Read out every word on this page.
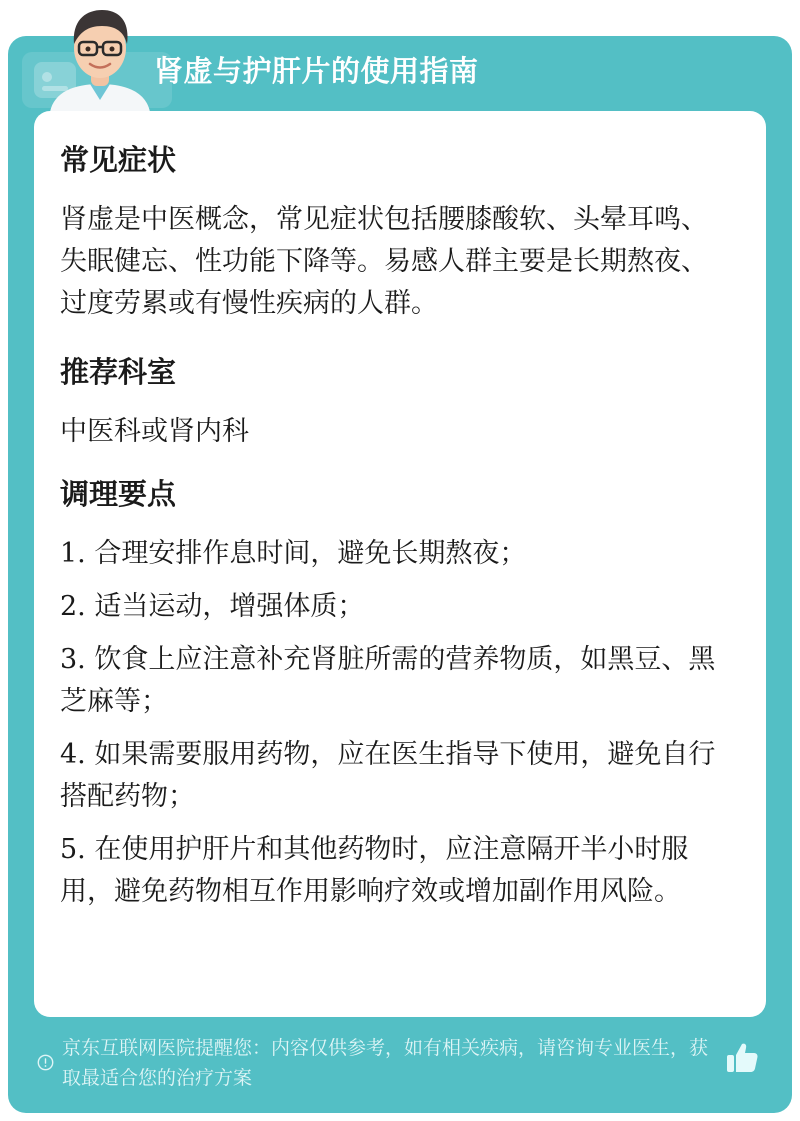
肾虚与护肝片的使用指南
常见症状

肾虚是中医概念，常见症状包括腰膝酸软、头晕耳鸣、失眠健忘、性功能下降等。易感人群主要是长期熬夜、过度劳累或有慢性疾病的人群。

推荐科室

中医科或肾内科

调理要点

1. 合理安排作息时间，避免长期熬夜；

2. 适当运动，增强体质；

3. 饮食上应注意补充肾脏所需的营养物质，如黑豆、黑芝麻等；

4. 如果需要服用药物，应在医生指导下使用，避免自行搭配药物；

5. 在使用护肝片和其他药物时，应注意隔开半小时服用，避免药物相互作用影响疗效或增加副作用风险。

京东互联网医院提醒您：内容仅供参考，如有相关疾病，请咨询专业医生，获取最适合您的治疗方案
